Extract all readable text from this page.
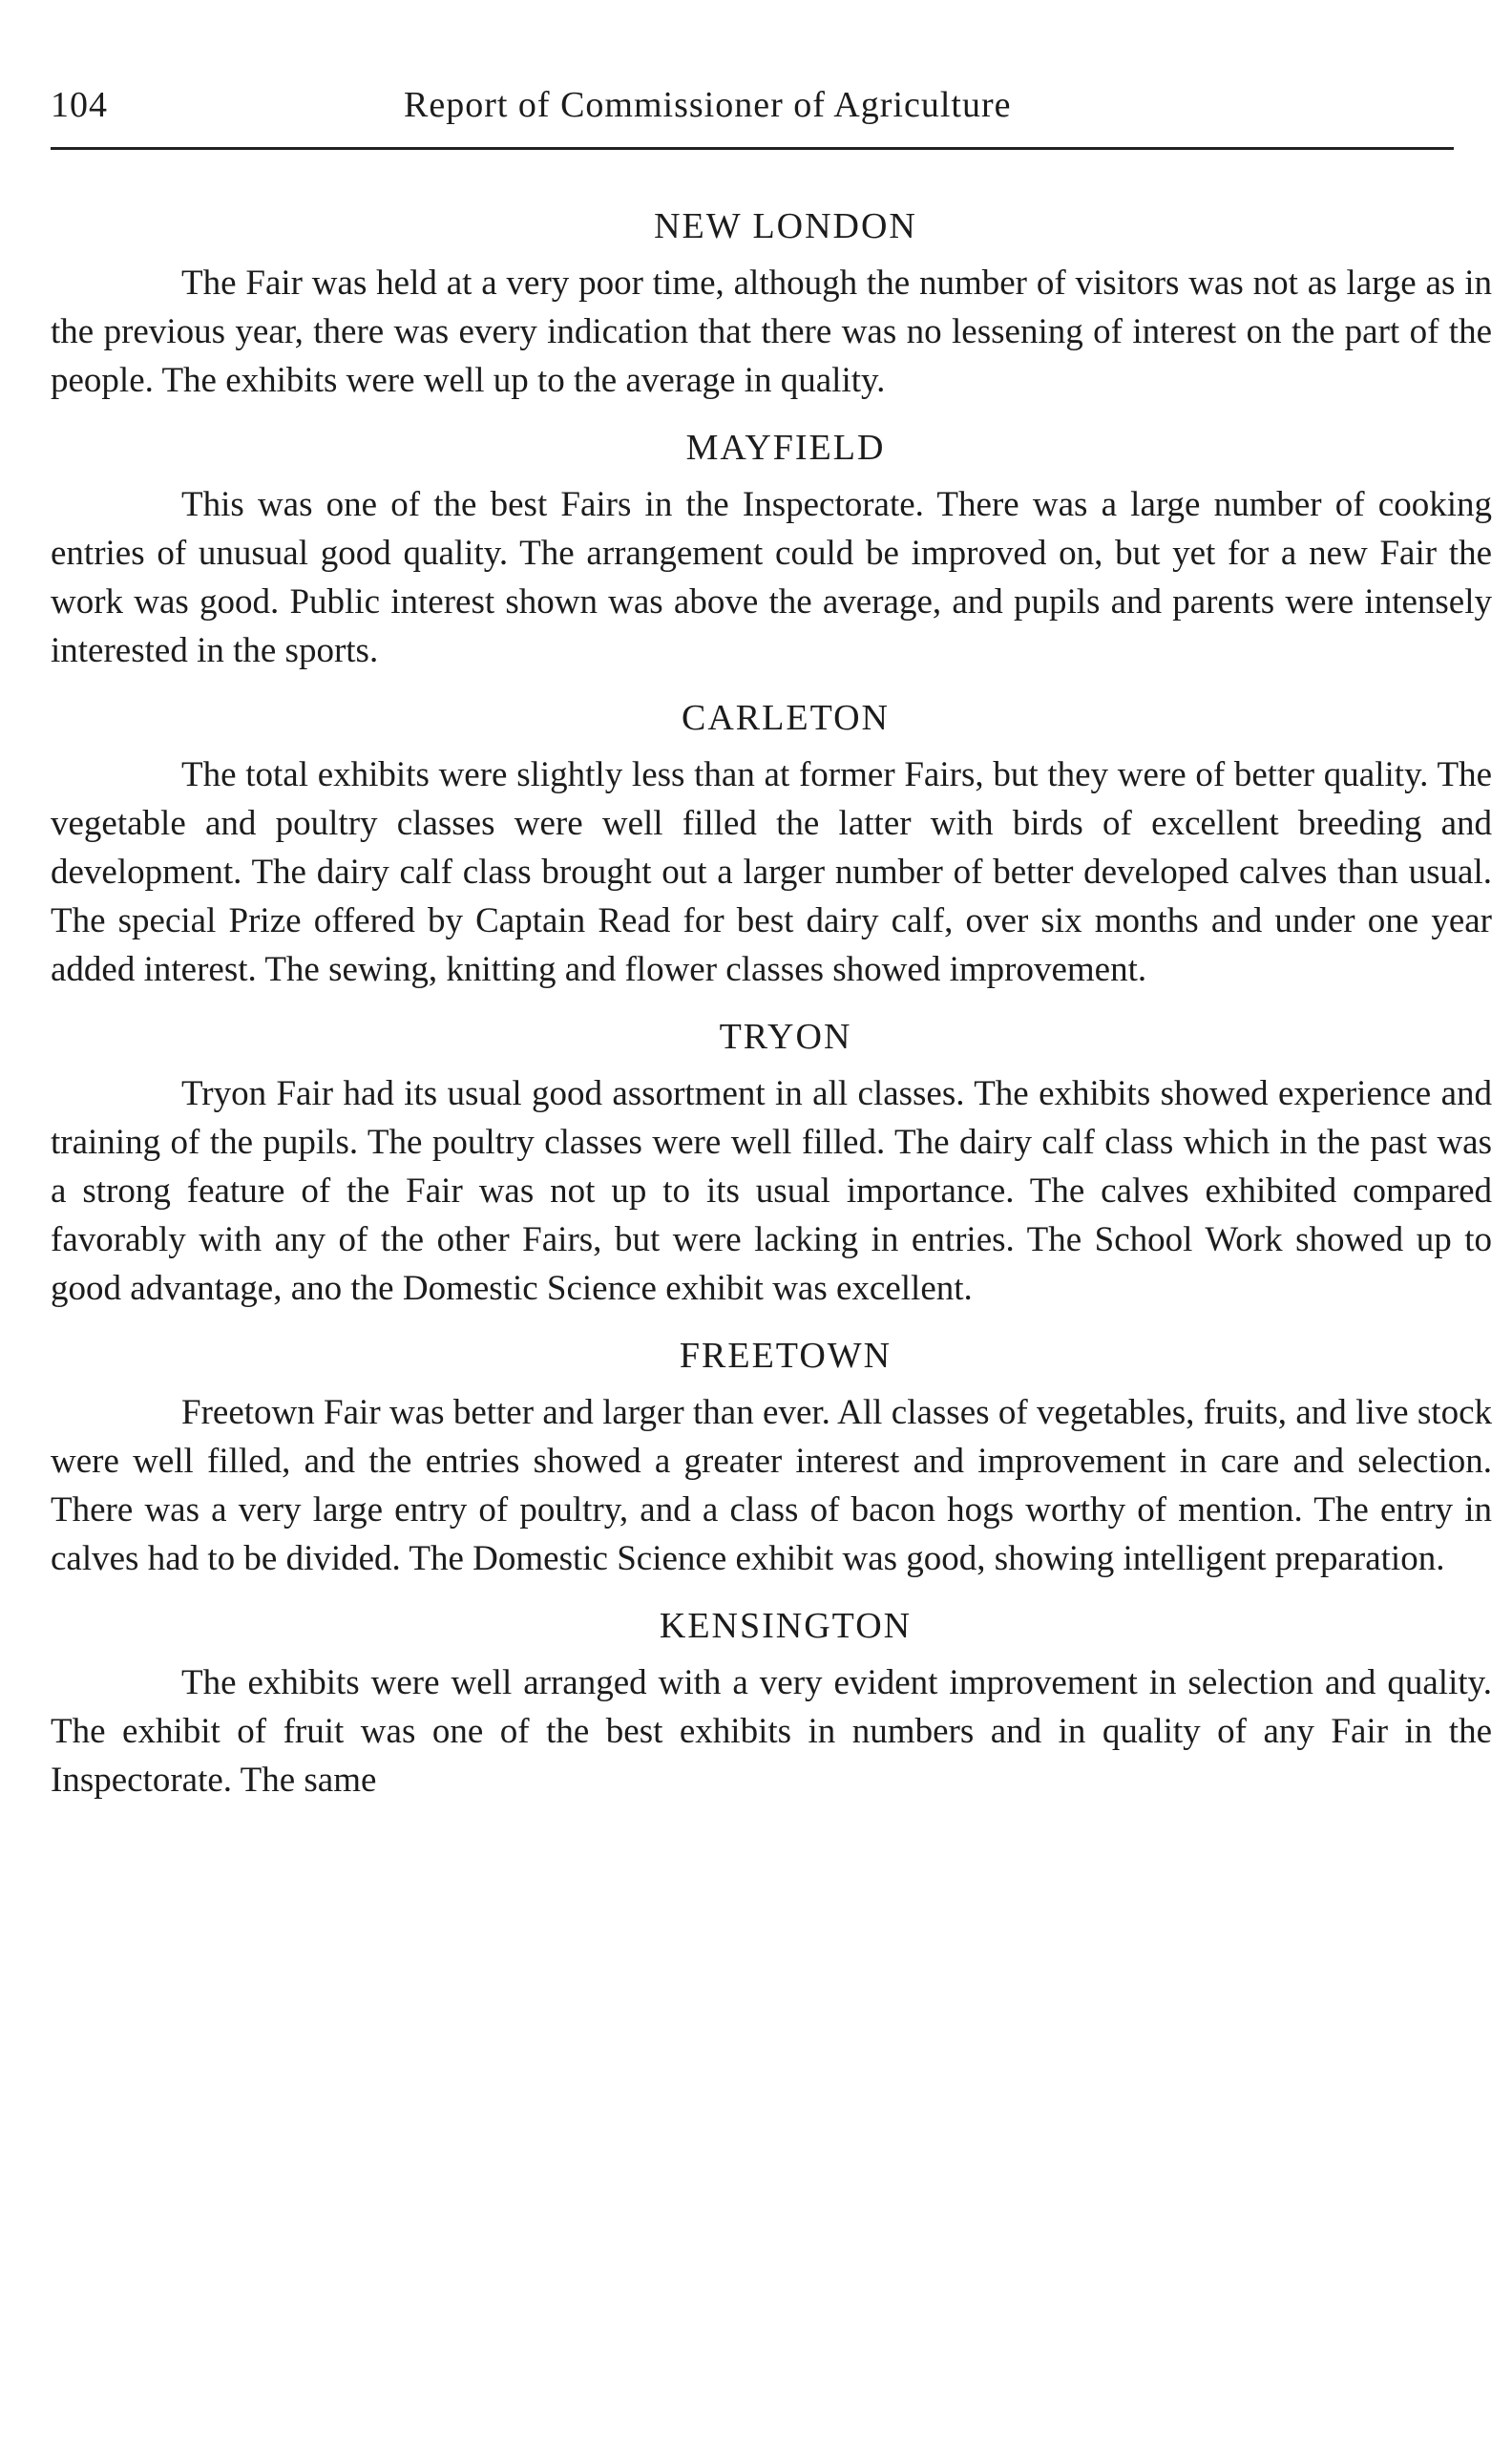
104	Report of Commissioner of Agriculture
NEW LONDON

The Fair was held at a very poor time, although the number of visitors was not as large as in the previous year, there was every indication that there was no lessening of interest on the part of the people. The exhibits were well up to the average in quality.

MAYFIELD

This was one of the best Fairs in the Inspectorate. There was a large number of cooking entries of unusual good quality. The arrangement could be improved on, but yet for a new Fair the work was good. Public interest shown was above the average, and pupils and parents were intensely interested in the sports.

CARLETON

The total exhibits were slightly less than at former Fairs, but they were of better quality. The vegetable and poultry classes were well filled the latter with birds of excellent breeding and development. The dairy calf class brought out a larger number of better developed calves than usual. The special Prize offered by Captain Read for best dairy calf, over six months and under one year added interest. The sewing, knitting and flower classes showed improvement.

TRYON

Tryon Fair had its usual good assortment in all classes. The exhibits showed experience and training of the pupils. The poultry classes were well filled. The dairy calf class which in the past was a strong feature of the Fair was not up to its usual importance. The calves exhibited compared favorably with any of the other Fairs, but were lacking in entries. The School Work showed up to good advantage, ano the Domestic Science exhibit was excellent.

FREETOWN

Freetown Fair was better and larger than ever. All classes of vegetables, fruits, and live stock were well filled, and the entries showed a greater interest and improvement in care and selection. There was a very large entry of poultry, and a class of bacon hogs worthy of mention. The entry in calves had to be divided. The Domestic Science exhibit was good, showing intelligent preparation.

KENSINGTON

The exhibits were well arranged with a very evident improvement in selection and quality. The exhibit of fruit was one of the best exhibits in numbers and in quality of any Fair in the Inspectorate. The same
